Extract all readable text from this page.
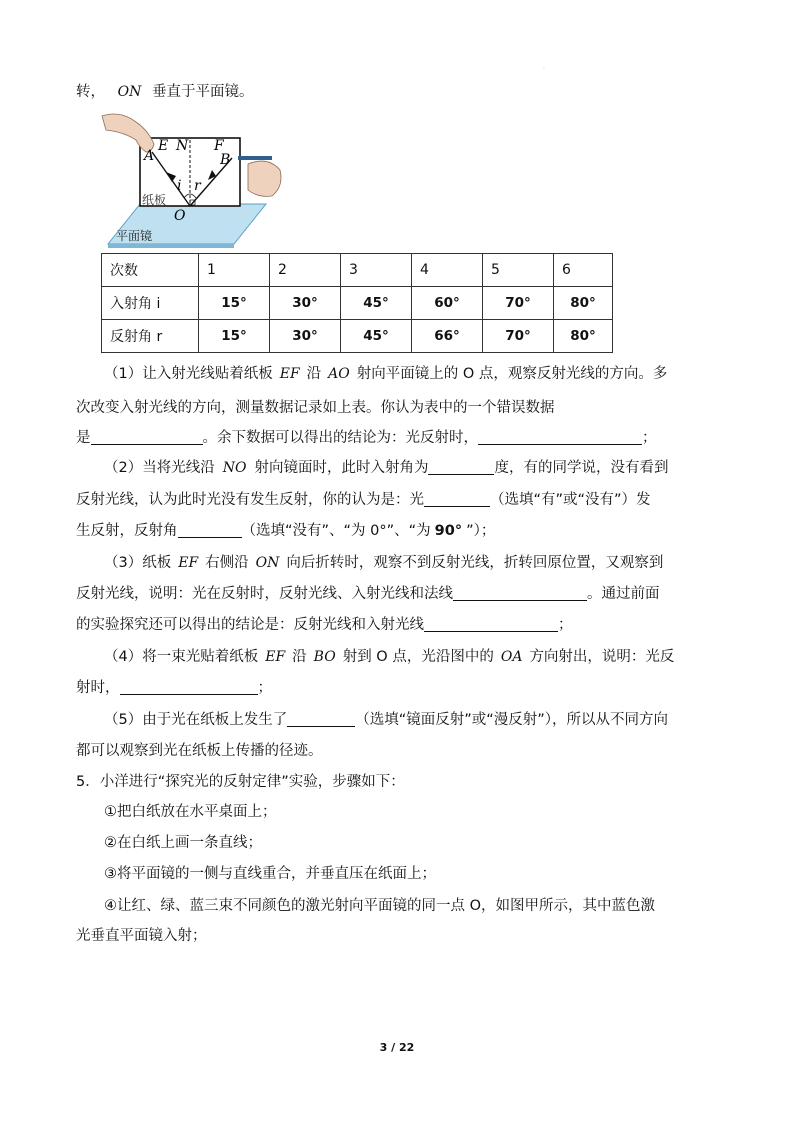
·
转， ON 垂直于平面镜。
A
E N F
B
i r
O
纸板
平面镜
次数	1	2	3	4	5	6
入射角 i	15°	30°	45°	60°	70°	80°
反射角 r	15°	30°	45°	66°	70°	80°
（1）让入射光线贴着纸板 EF 沿 AO 射向平面镜上的 O 点，观察反射光线的方向。多
次改变入射光线的方向，测量数据记录如上表。你认为表中的一个错误数据
是	。余下数据可以得出的结论为：光反射时，	；
（2）当将光线沿 NO 射向镜面时，此时入射角为	度，有的同学说，没有看到
反射光线，认为此时光没有发生反射，你的认为是：光	（选填“有”或“没有”）发
生反射，反射角	（选填“没有”、“为 0°”、“为 90° ”）；
（3）纸板 EF 右侧沿 ON 向后折转时，观察不到反射光线，折转回原位置，又观察到
反射光线，说明：光在反射时，反射光线、入射光线和法线	。通过前面
的实验探究还可以得出的结论是：反射光线和入射光线	；
（4）将一束光贴着纸板 EF 沿 BO 射到 O 点，光沿图中的 OA 方向射出，说明：光反
射时，	；
（5）由于光在纸板上发生了	（选填“镜面反射”或“漫反射”），所以从不同方向
都可以观察到光在纸板上传播的径迹。
5．小洋进行“探究光的反射定律”实验，步骤如下：
①把白纸放在水平桌面上；
②在白纸上画一条直线；
③将平面镜的一侧与直线重合，并垂直压在纸面上；
④让红、绿、蓝三束不同颜色的激光射向平面镜的同一点 O，如图甲所示，其中蓝色激
光垂直平面镜入射；
3 / 22
